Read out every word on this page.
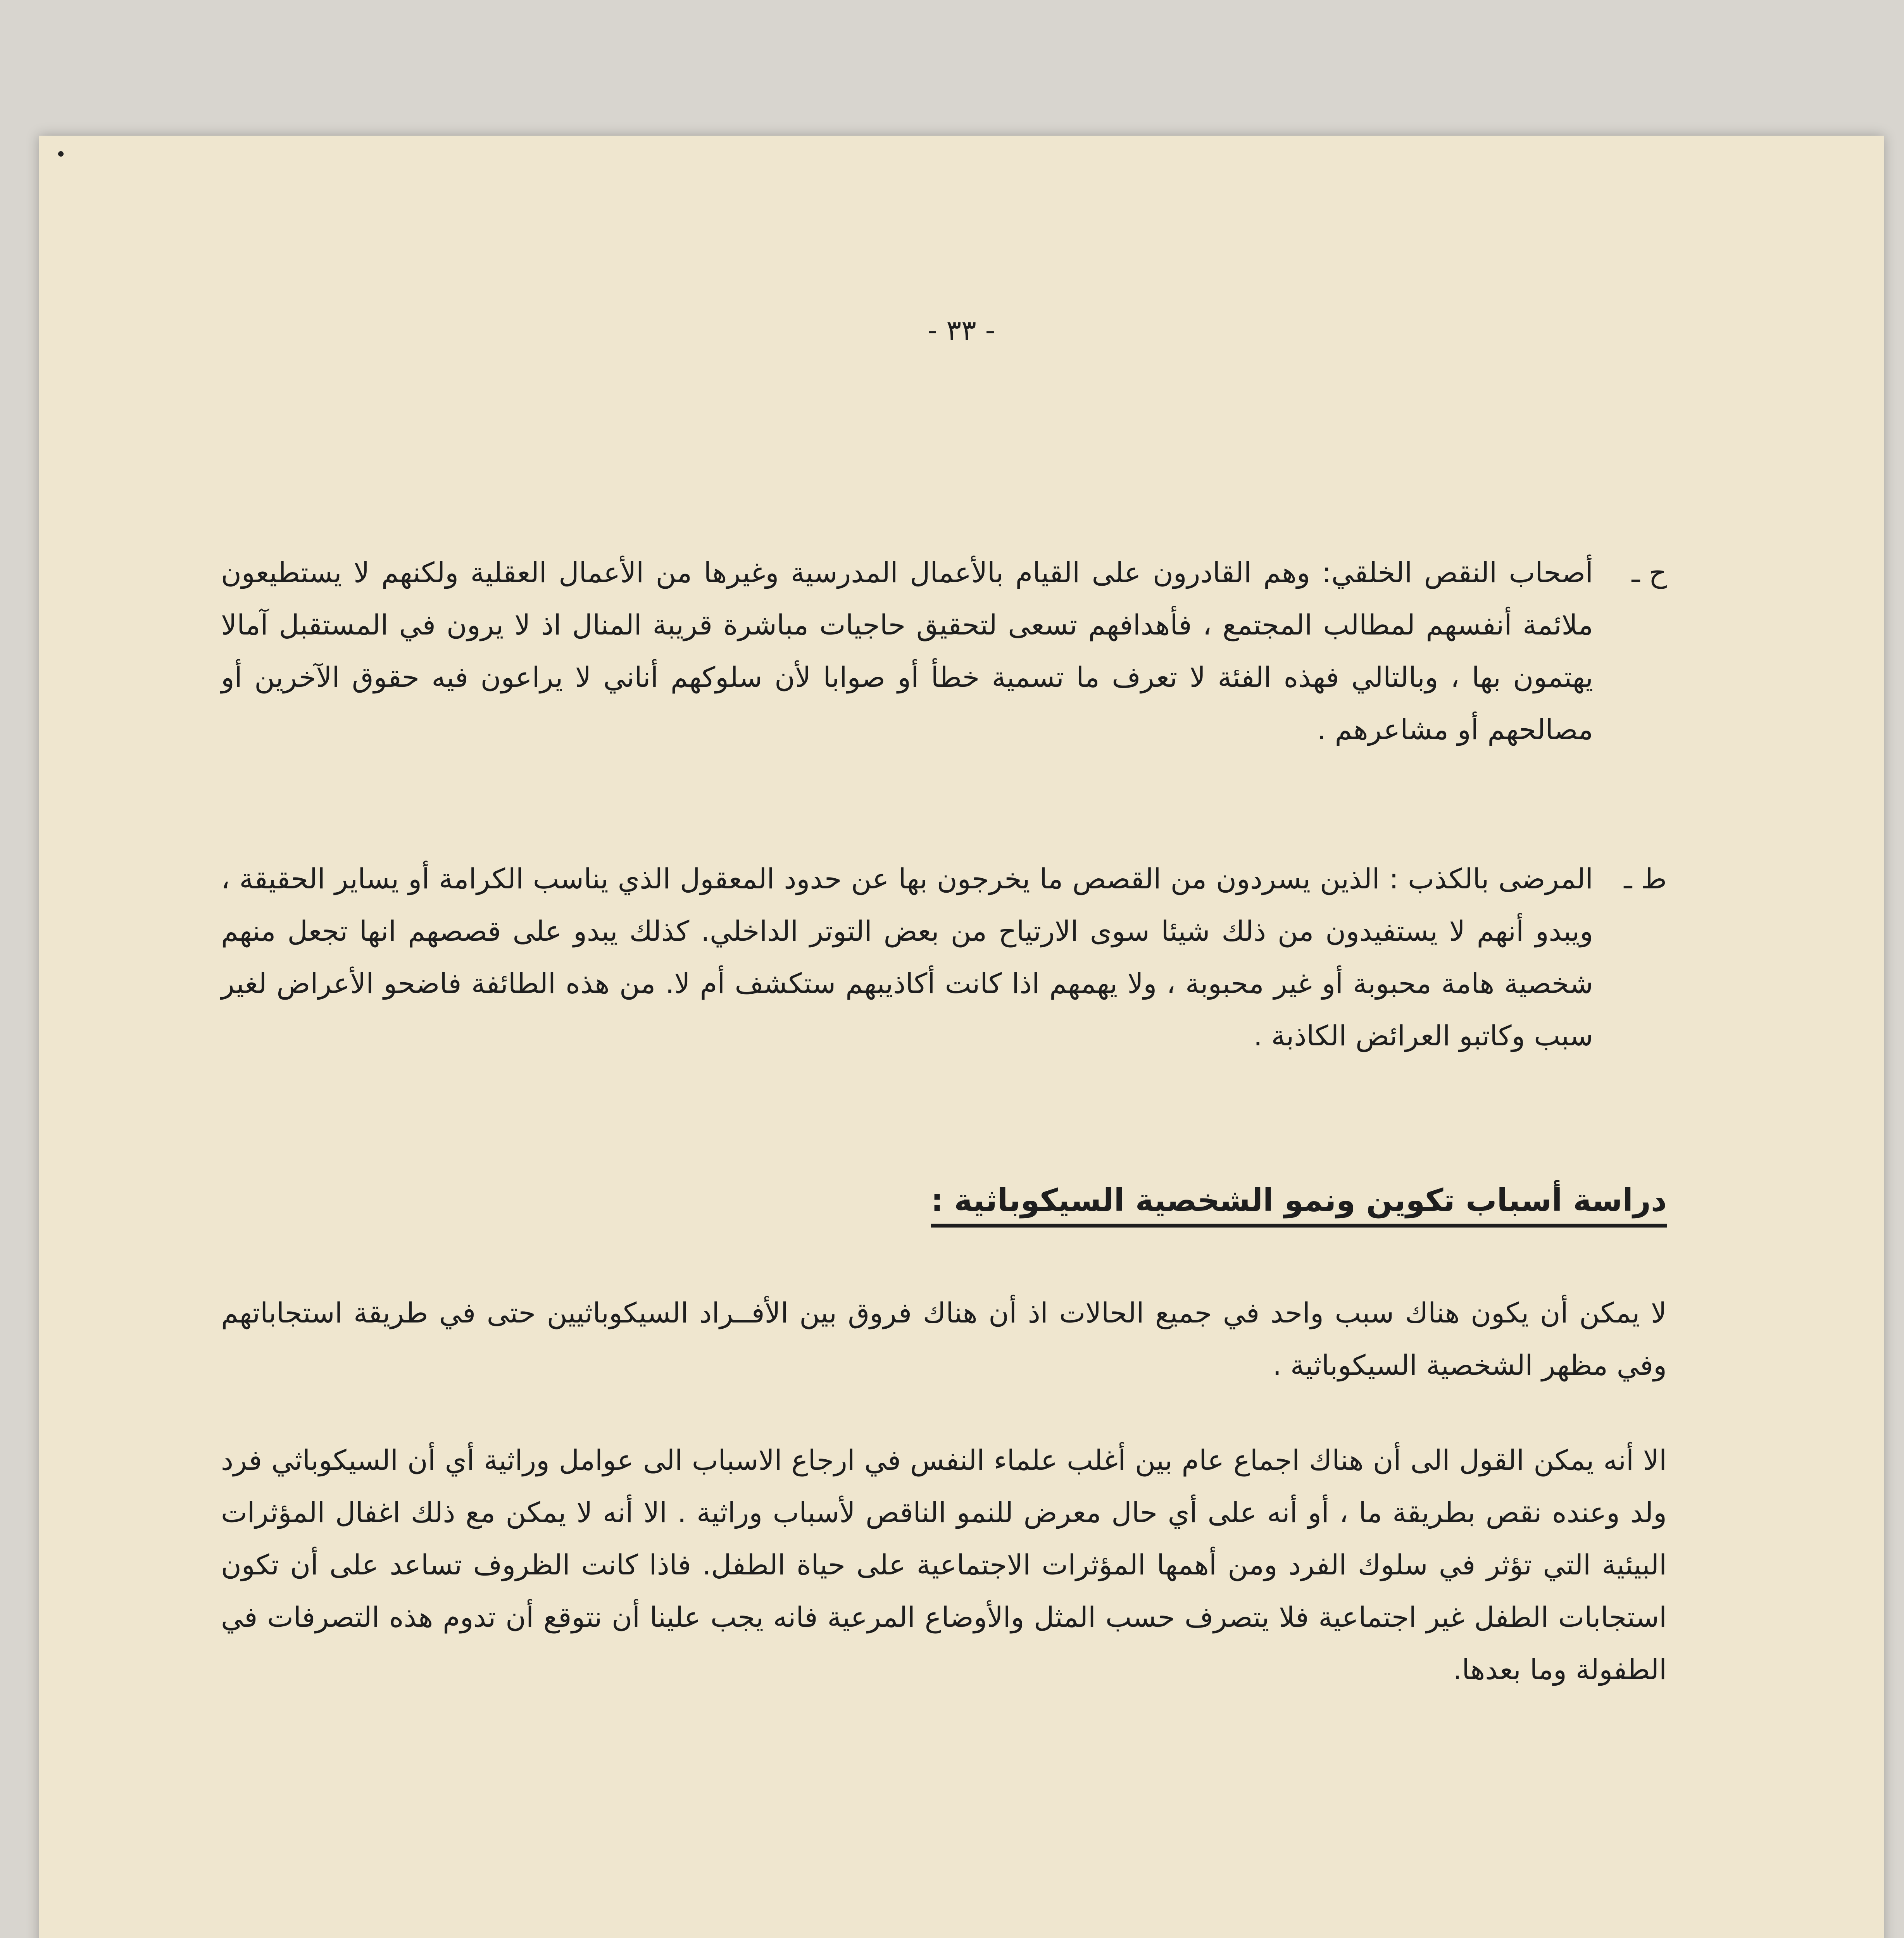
- ٣٣ -
ح ـ
أصحاب النقص الخلقي: وهم القادرون على القيام بالأعمال المدرسية وغيرها من الأعمال العقلية ولكنهم لا يستطيعون ملائمة أنفسهم لمطالب المجتمع ، فأهدافهم تسعى لتحقيق حاجيات مباشرة قريبة المنال اذ لا يرون في المستقبل آمالا يهتمون بها ، وبالتالي فهذه الفئة لا تعرف ما تسمية خطأ أو صوابا لأن سلوكهم أناني لا يراعون فيه حقوق الآخرين أو مصالحهم أو مشاعرهم .
ط ـ
المرضى بالكذب : الذين يسردون من القصص ما يخرجون بها عن حدود المعقول الذي يناسب الكرامة أو يساير الحقيقة ، ويبدو أنهم لا يستفيدون من ذلك شيئا سوى الارتياح من بعض التوتر الداخلي. كذلك يبدو على قصصهم انها تجعل منهم شخصية هامة محبوبة أو غير محبوبة ، ولا يهمهم اذا كانت أكاذيبهم ستكشف أم لا. من هذه الطائفة فاضحو الأعراض لغير سبب وكاتبو العرائض الكاذبة .
دراسة أسباب تكوين ونمو الشخصية السيكوباثية :
لا يمكن أن يكون هناك سبب واحد في جميع الحالات اذ أن هناك فروق بين الأفــراد السيكوباثيين حتى في طريقة استجاباتهم وفي مظهر الشخصية السيكوباثية .
الا أنه يمكن القول الى أن هناك اجماع عام بين أغلب علماء النفس في ارجاع الاسباب الى عوامل وراثية أي أن السيكوباثي فرد ولد وعنده نقص بطريقة ما ، أو أنه على أي حال معرض للنمو الناقص لأسباب وراثية . الا أنه لا يمكن مع ذلك اغفال المؤثرات البيئية التي تؤثر في سلوك الفرد ومن أهمها المؤثرات الاجتماعية على حياة الطفل. فاذا كانت الظروف تساعد على أن تكون استجابات الطفل غير اجتماعية فلا يتصرف حسب المثل والأوضاع المرعية فانه يجب علينا أن نتوقع أن تدوم هذه التصرفات في الطفولة وما بعدها.
